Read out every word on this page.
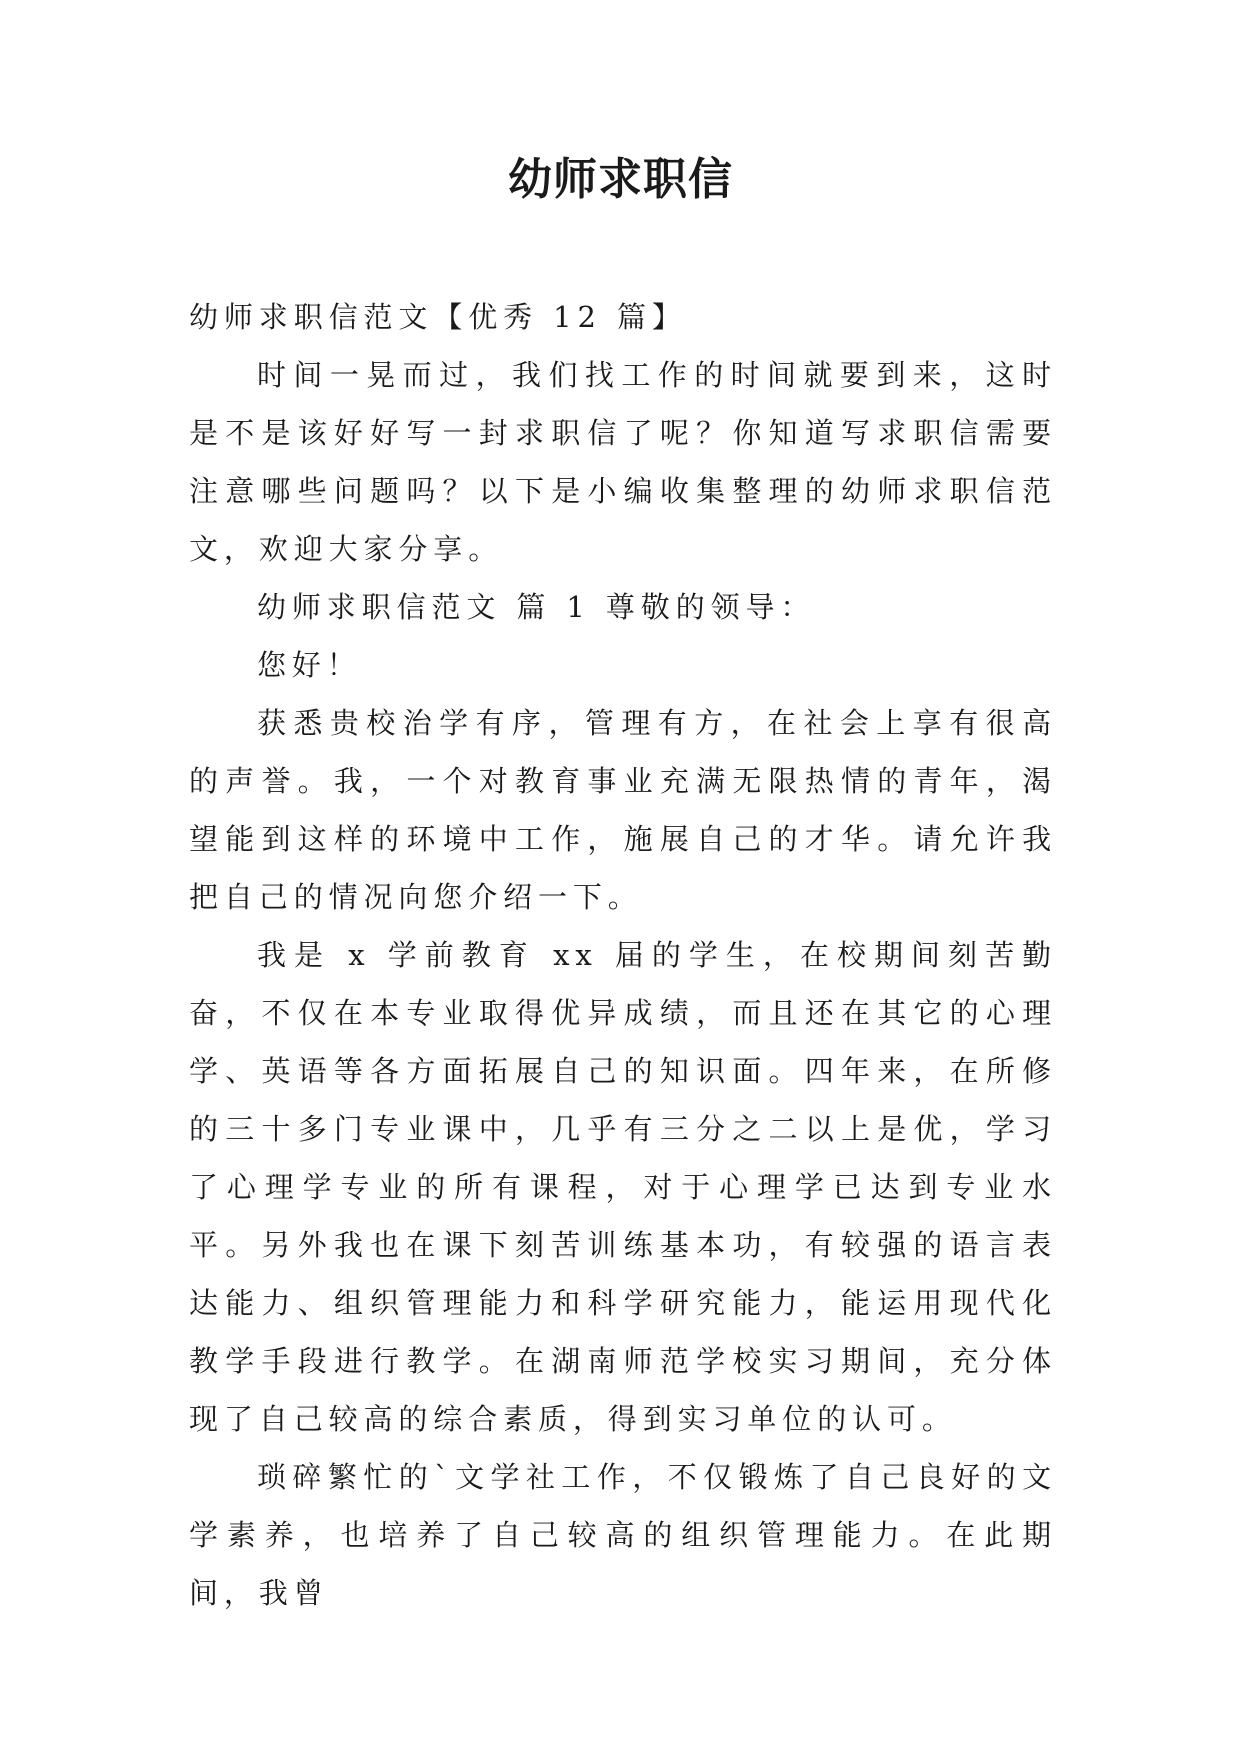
幼师求职信

幼师求职信范文【优秀 12 篇】

时间一晃而过，我们找工作的时间就要到来，这时是不是该好好写一封求职信了呢？你知道写求职信需要注意哪些问题吗？以下是小编收集整理的幼师求职信范文，欢迎大家分享。

幼师求职信范文 篇 1 尊敬的领导：

您好！

获悉贵校治学有序，管理有方，在社会上享有很高的声誉。我，一个对教育事业充满无限热情的青年，渴望能到这样的环境中工作，施展自己的才华。请允许我把自己的情况向您介绍一下。

我是 x 学前教育 xx 届的学生，在校期间刻苦勤奋，不仅在本专业取得优异成绩，而且还在其它的心理学、英语等各方面拓展自己的知识面。四年来，在所修的三十多门专业课中，几乎有三分之二以上是优，学习了心理学专业的所有课程，对于心理学已达到专业水平。另外我也在课下刻苦训练基本功，有较强的语言表达能力、组织管理能力和科学研究能力，能运用现代化教学手段进行教学。在湖南师范学校实习期间，充分体现了自己较高的综合素质，得到实习单位的认可。

琐碎繁忙的`文学社工作，不仅锻炼了自己良好的文学素养，也培养了自己较高的组织管理能力。在此期间，我曾
